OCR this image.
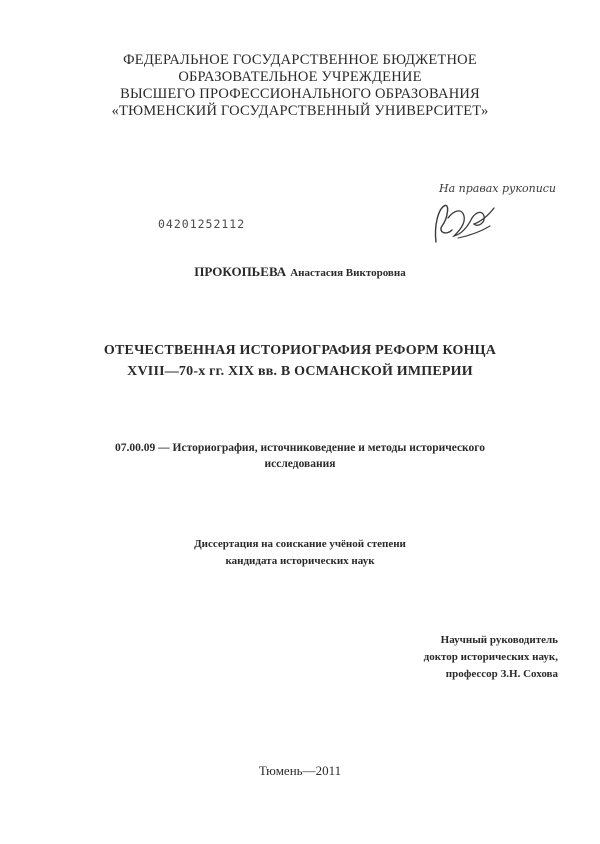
ФЕДЕРАЛЬНОЕ ГОСУДАРСТВЕННОЕ БЮДЖЕТНОЕ
ОБРАЗОВАТЕЛЬНОЕ УЧРЕЖДЕНИЕ
ВЫСШЕГО ПРОФЕССИОНАЛЬНОГО ОБРАЗОВАНИЯ
«ТЮМЕНСКИЙ ГОСУДАРСТВЕННЫЙ УНИВЕРСИТЕТ»
На правах рукописи
04201252112
ПРОКОПЬЕВА Анастасия Викторовна
ОТЕЧЕСТВЕННАЯ ИСТОРИОГРАФИЯ РЕФОРМ КОНЦА
XVIII—70-х гг. XIX вв. В ОСМАНСКОЙ ИМПЕРИИ
07.00.09 — Историография, источниковедение и методы исторического
исследования
Диссертация на соискание учёной степени
кандидата исторических наук
Научный руководитель
доктор исторических наук,
профессор З.Н. Сохова
Тюмень—2011
